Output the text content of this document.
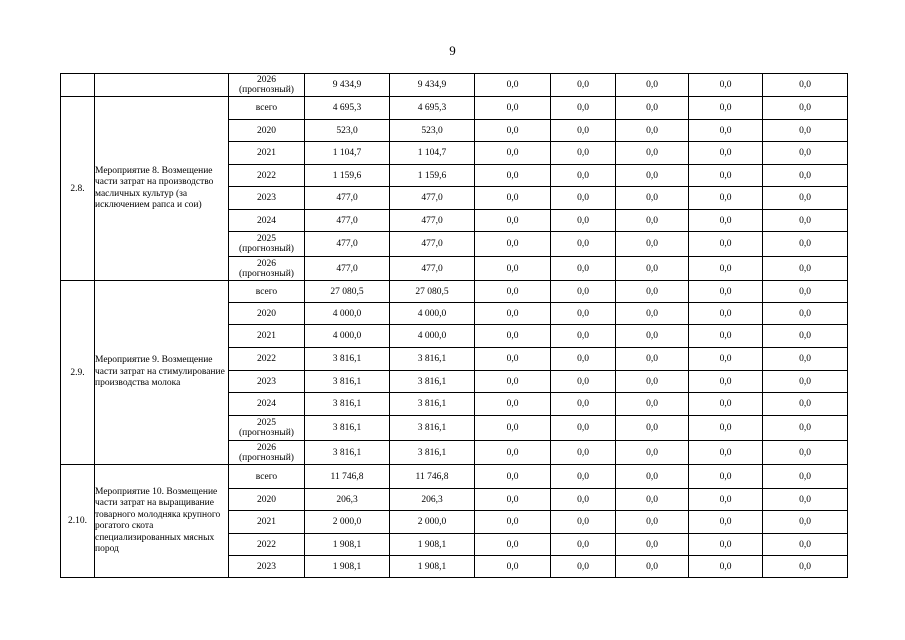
9
		2026 (прогнозный)	9 434,9	9 434,9	0,0	0,0	0,0	0,0	0,0
2.8.	Мероприятие 8. Возмещение части затрат на производство масличных культур (за исключением рапса и сои)	всего	4 695,3	4 695,3	0,0	0,0	0,0	0,0	0,0
		2020	523,0	523,0	0,0	0,0	0,0	0,0	0,0
		2021	1 104,7	1 104,7	0,0	0,0	0,0	0,0	0,0
		2022	1 159,6	1 159,6	0,0	0,0	0,0	0,0	0,0
		2023	477,0	477,0	0,0	0,0	0,0	0,0	0,0
		2024	477,0	477,0	0,0	0,0	0,0	0,0	0,0
		2025 (прогнозный)	477,0	477,0	0,0	0,0	0,0	0,0	0,0
		2026 (прогнозный)	477,0	477,0	0,0	0,0	0,0	0,0	0,0
2.9.	Мероприятие 9. Возмещение части затрат на стимулирование производства молока	всего	27 080,5	27 080,5	0,0	0,0	0,0	0,0	0,0
		2020	4 000,0	4 000,0	0,0	0,0	0,0	0,0	0,0
		2021	4 000,0	4 000,0	0,0	0,0	0,0	0,0	0,0
		2022	3 816,1	3 816,1	0,0	0,0	0,0	0,0	0,0
		2023	3 816,1	3 816,1	0,0	0,0	0,0	0,0	0,0
		2024	3 816,1	3 816,1	0,0	0,0	0,0	0,0	0,0
		2025 (прогнозный)	3 816,1	3 816,1	0,0	0,0	0,0	0,0	0,0
		2026 (прогнозный)	3 816,1	3 816,1	0,0	0,0	0,0	0,0	0,0
2.10.	Мероприятие 10. Возмещение части затрат на выращивание товарного молодняка крупного рогатого скота специализированных мясных пород	всего	11 746,8	11 746,8	0,0	0,0	0,0	0,0	0,0
		2020	206,3	206,3	0,0	0,0	0,0	0,0	0,0
		2021	2 000,0	2 000,0	0,0	0,0	0,0	0,0	0,0
		2022	1 908,1	1 908,1	0,0	0,0	0,0	0,0	0,0
		2023	1 908,1	1 908,1	0,0	0,0	0,0	0,0	0,0
